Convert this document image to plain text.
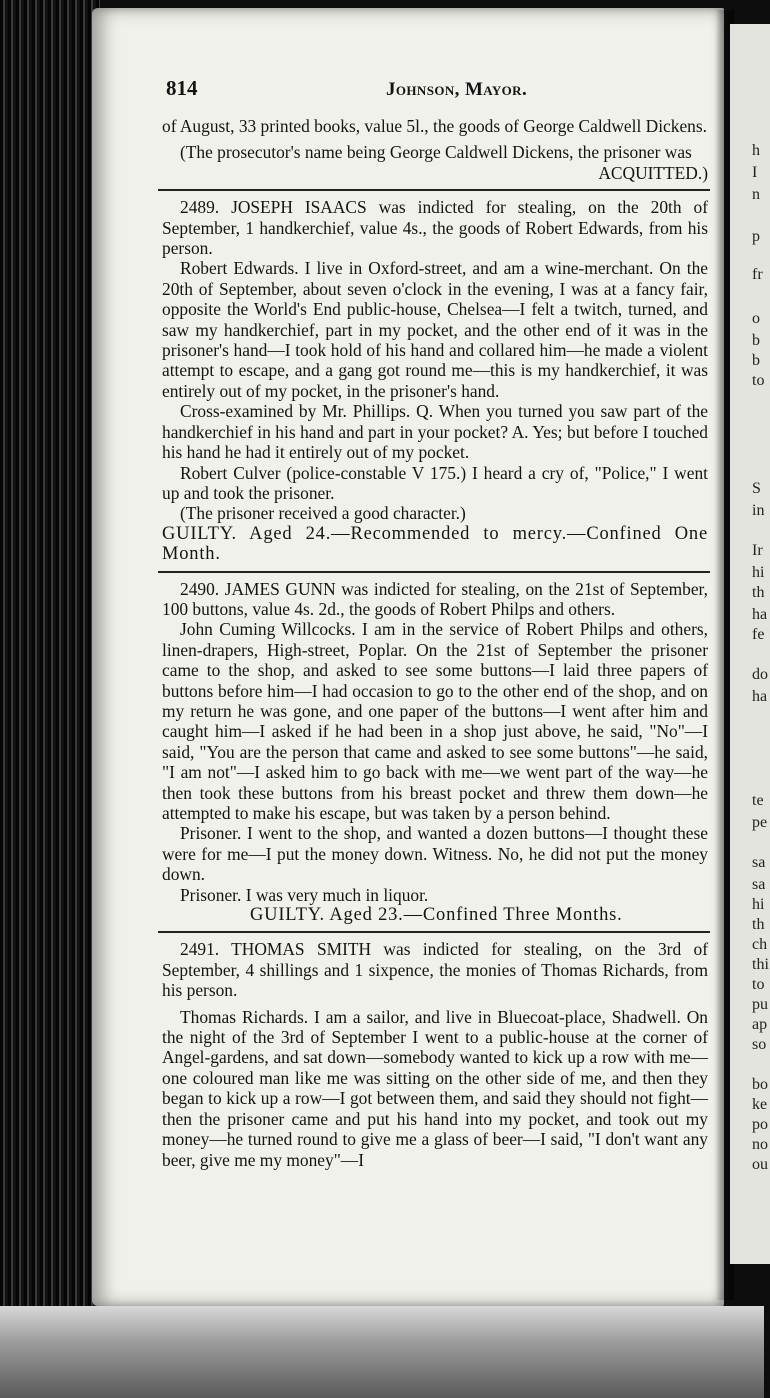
h
I
n
p
fr
o
b
b
to
S
in
Ir
hi
th
ha
fe
do
ha
te
pe
sa
sa
hi
th
ch
thi
to
pu
ap
so
bo
ke
po
no
ou
814	Johnson, Mayor.

of August, 33 printed books, value 5l., the goods of George Caldwell Dickens.

(The prosecutor's name being George Caldwell Dickens, the prisoner was

ACQUITTED.)

2489. JOSEPH ISAACS was indicted for stealing, on the 20th of September, 1 handkerchief, value 4s., the goods of Robert Edwards, from his person.

Robert Edwards. I live in Oxford-street, and am a wine-merchant. On the 20th of September, about seven o'clock in the evening, I was at a fancy fair, opposite the World's End public-house, Chelsea—I felt a twitch, turned, and saw my handkerchief, part in my pocket, and the other end of it was in the prisoner's hand—I took hold of his hand and collared him—he made a violent attempt to escape, and a gang got round me—this is my handkerchief, it was entirely out of my pocket, in the prisoner's hand.

Cross-examined by Mr. Phillips. Q. When you turned you saw part of the handkerchief in his hand and part in your pocket? A. Yes; but before I touched his hand he had it entirely out of my pocket.

Robert Culver (police-constable V 175.) I heard a cry of, "Police," I went up and took the prisoner.

(The prisoner received a good character.)

GUILTY. Aged 24.—Recommended to mercy.—Confined One Month.

2490. JAMES GUNN was indicted for stealing, on the 21st of September, 100 buttons, value 4s. 2d., the goods of Robert Philps and others.

John Cuming Willcocks. I am in the service of Robert Philps and others, linen-drapers, High-street, Poplar. On the 21st of September the prisoner came to the shop, and asked to see some buttons—I laid three papers of buttons before him—I had occasion to go to the other end of the shop, and on my return he was gone, and one paper of the buttons—I went after him and caught him—I asked if he had been in a shop just above, he said, "No"—I said, "You are the person that came and asked to see some buttons"—he said, "I am not"—I asked him to go back with me—we went part of the way—he then took these buttons from his breast pocket and threw them down—he attempted to make his escape, but was taken by a person behind.

Prisoner. I went to the shop, and wanted a dozen buttons—I thought these were for me—I put the money down. Witness. No, he did not put the money down.

Prisoner. I was very much in liquor.

GUILTY. Aged 23.—Confined Three Months.

2491. THOMAS SMITH was indicted for stealing, on the 3rd of September, 4 shillings and 1 sixpence, the monies of Thomas Richards, from his person.

Thomas Richards. I am a sailor, and live in Bluecoat-place, Shadwell. On the night of the 3rd of September I went to a public-house at the corner of Angel-gardens, and sat down—somebody wanted to kick up a row with me—one coloured man like me was sitting on the other side of me, and then they began to kick up a row—I got between them, and said they should not fight—then the prisoner came and put his hand into my pocket, and took out my money—he turned round to give me a glass of beer—I said, "I don't want any beer, give me my money"—I
